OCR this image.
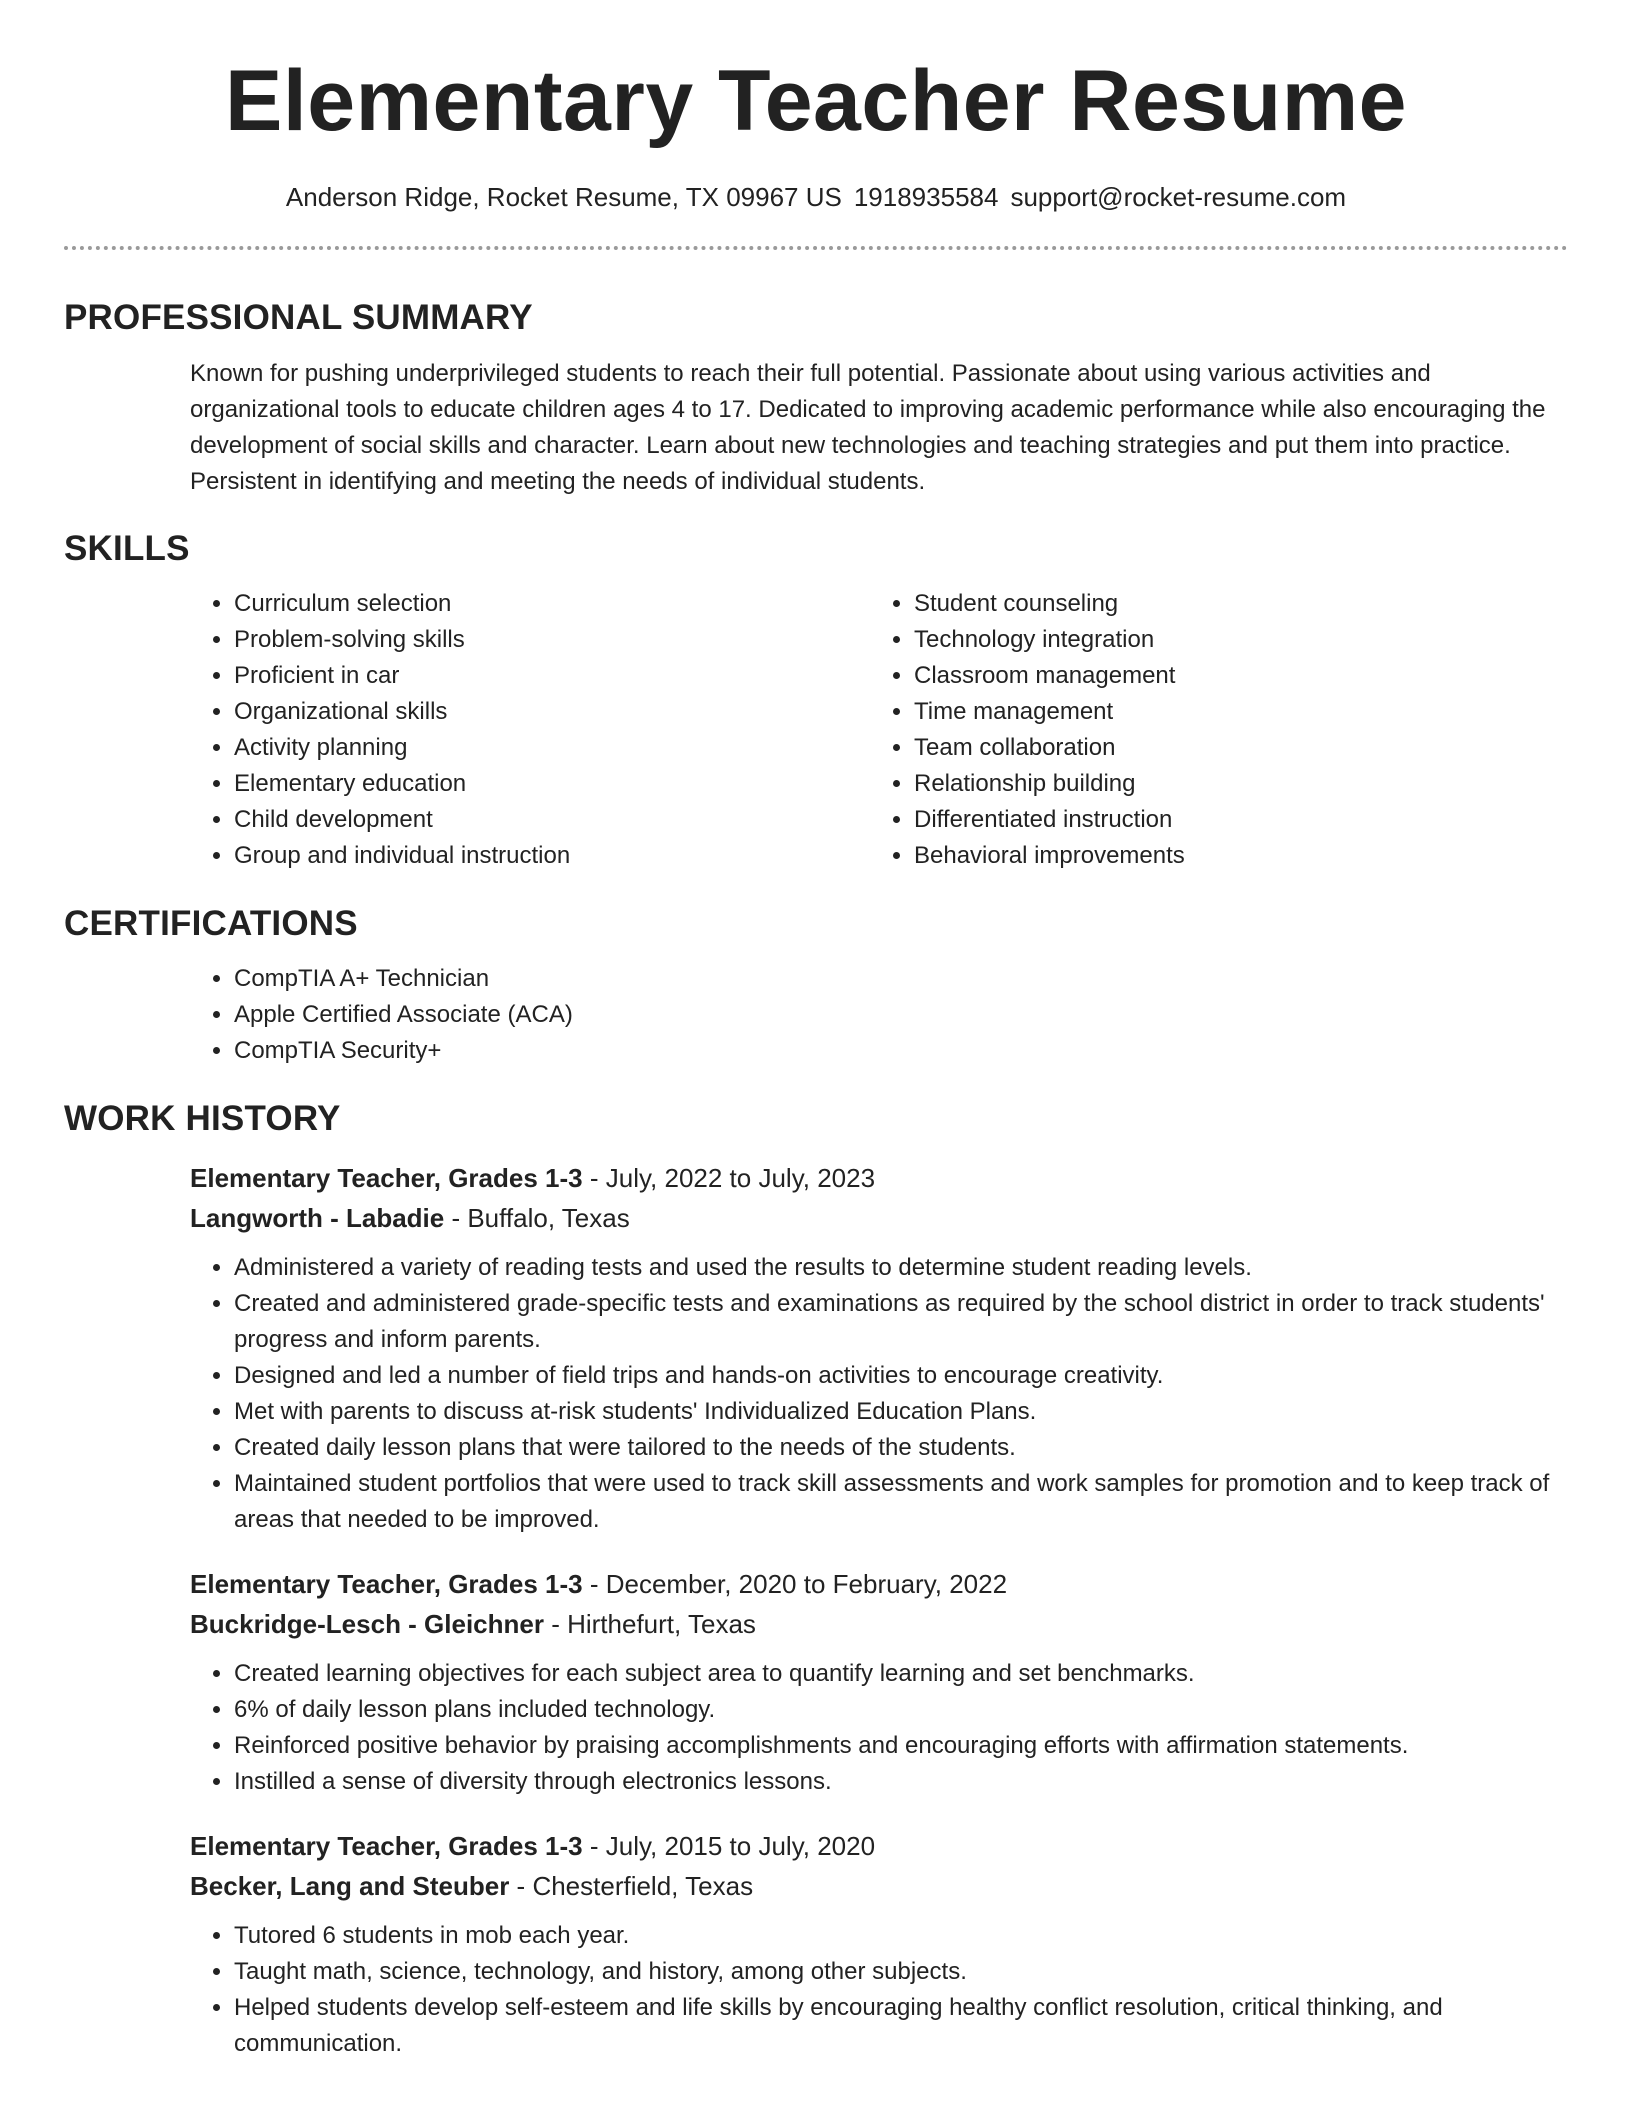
Elementary Teacher Resume
Anderson Ridge, Rocket Resume, TX 09967 US 1918935584 support@rocket-resume.com
PROFESSIONAL SUMMARY
Known for pushing underprivileged students to reach their full potential. Passionate about using various activities and organizational tools to educate children ages 4 to 17. Dedicated to improving academic performance while also encouraging the development of social skills and character. Learn about new technologies and teaching strategies and put them into practice. Persistent in identifying and meeting the needs of individual students.
SKILLS
• Curriculum selection
• Problem-solving skills
• Proficient in car
• Organizational skills
• Activity planning
• Elementary education
• Child development
• Group and individual instruction
• Student counseling
• Technology integration
• Classroom management
• Time management
• Team collaboration
• Relationship building
• Differentiated instruction
• Behavioral improvements
CERTIFICATIONS
• CompTIA A+ Technician
• Apple Certified Associate (ACA)
• CompTIA Security+
WORK HISTORY
Elementary Teacher, Grades 1-3 - July, 2022 to July, 2023
Langworth - Labadie - Buffalo, Texas
• Administered a variety of reading tests and used the results to determine student reading levels.
• Created and administered grade-specific tests and examinations as required by the school district in order to track students' progress and inform parents.
• Designed and led a number of field trips and hands-on activities to encourage creativity.
• Met with parents to discuss at-risk students' Individualized Education Plans.
• Created daily lesson plans that were tailored to the needs of the students.
• Maintained student portfolios that were used to track skill assessments and work samples for promotion and to keep track of areas that needed to be improved.
Elementary Teacher, Grades 1-3 - December, 2020 to February, 2022
Buckridge-Lesch - Gleichner - Hirthefurt, Texas
• Created learning objectives for each subject area to quantify learning and set benchmarks.
• 6% of daily lesson plans included technology.
• Reinforced positive behavior by praising accomplishments and encouraging efforts with affirmation statements.
• Instilled a sense of diversity through electronics lessons.
Elementary Teacher, Grades 1-3 - July, 2015 to July, 2020
Becker, Lang and Steuber - Chesterfield, Texas
• Tutored 6 students in mob each year.
• Taught math, science, technology, and history, among other subjects.
• Helped students develop self-esteem and life skills by encouraging healthy conflict resolution, critical thinking, and communication.
